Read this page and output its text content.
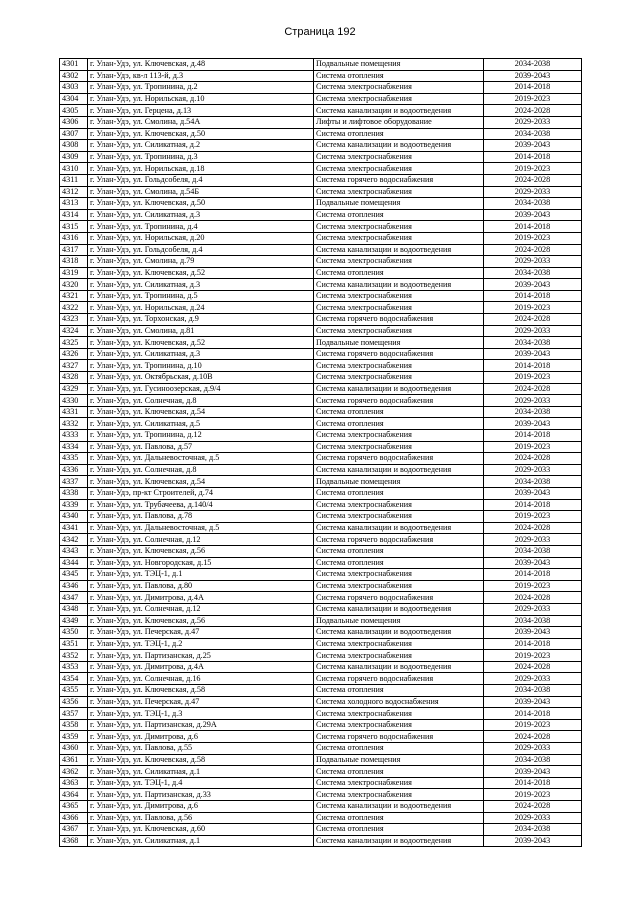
Страница 192
4301	г. Улан-Удэ, ул. Ключевская, д.48	Подвальные помещения	2034-2038
4302	г. Улан-Удэ, кв-л 113-й, д.3	Система отопления	2039-2043
4303	г. Улан-Удэ, ул. Тропинина, д.2	Система электроснабжения	2014-2018
4304	г. Улан-Удэ, ул. Норильская, д.10	Система электроснабжения	2019-2023
4305	г. Улан-Удэ, ул. Герцена, д.13	Система канализации и водоотведения	2024-2028
4306	г. Улан-Удэ, ул. Смолина, д.54А	Лифты и лифтовое оборудование	2029-2033
4307	г. Улан-Удэ, ул. Ключевская, д.50	Система отопления	2034-2038
4308	г. Улан-Удэ, ул. Силикатная, д.2	Система канализации и водоотведения	2039-2043
4309	г. Улан-Удэ, ул. Тропинина, д.3	Система электроснабжения	2014-2018
4310	г. Улан-Удэ, ул. Норильская, д.18	Система электроснабжения	2019-2023
4311	г. Улан-Удэ, ул. Гольдсобеля, д.4	Система горячего водоснабжения	2024-2028
4312	г. Улан-Удэ, ул. Смолина, д.54Б	Система электроснабжения	2029-2033
4313	г. Улан-Удэ, ул. Ключевская, д.50	Подвальные помещения	2034-2038
4314	г. Улан-Удэ, ул. Силикатная, д.3	Система отопления	2039-2043
4315	г. Улан-Удэ, ул. Тропинина, д.4	Система электроснабжения	2014-2018
4316	г. Улан-Удэ, ул. Норильская, д.20	Система электроснабжения	2019-2023
4317	г. Улан-Удэ, ул. Гольдсобеля, д.4	Система канализации и водоотведения	2024-2028
4318	г. Улан-Удэ, ул. Смолина, д.79	Система электроснабжения	2029-2033
4319	г. Улан-Удэ, ул. Ключевская, д.52	Система отопления	2034-2038
4320	г. Улан-Удэ, ул. Силикатная, д.3	Система канализации и водоотведения	2039-2043
4321	г. Улан-Удэ, ул. Тропинина, д.5	Система электроснабжения	2014-2018
4322	г. Улан-Удэ, ул. Норильская, д.24	Система электроснабжения	2019-2023
4323	г. Улан-Удэ, ул. Торхонская, д.9	Система горячего водоснабжения	2024-2028
4324	г. Улан-Удэ, ул. Смолина, д.81	Система электроснабжения	2029-2033
4325	г. Улан-Удэ, ул. Ключевская, д.52	Подвальные помещения	2034-2038
4326	г. Улан-Удэ, ул. Силикатная, д.3	Система горячего водоснабжения	2039-2043
4327	г. Улан-Удэ, ул. Тропинина, д.10	Система электроснабжения	2014-2018
4328	г. Улан-Удэ, ул. Октябрьская, д.10В	Система электроснабжения	2019-2023
4329	г. Улан-Удэ, ул. Гусиноозерская, д.9/4	Система канализации и водоотведения	2024-2028
4330	г. Улан-Удэ, ул. Солнечная, д.8	Система горячего водоснабжения	2029-2033
4331	г. Улан-Удэ, ул. Ключевская, д.54	Система отопления	2034-2038
4332	г. Улан-Удэ, ул. Силикатная, д.5	Система отопления	2039-2043
4333	г. Улан-Удэ, ул. Тропинина, д.12	Система электроснабжения	2014-2018
4334	г. Улан-Удэ, ул. Павлова, д.57	Система электроснабжения	2019-2023
4335	г. Улан-Удэ, ул. Дальневосточная, д.5	Система горячего водоснабжения	2024-2028
4336	г. Улан-Удэ, ул. Солнечная, д.8	Система канализации и водоотведения	2029-2033
4337	г. Улан-Удэ, ул. Ключевская, д.54	Подвальные помещения	2034-2038
4338	г. Улан-Удэ, пр-кт Строителей, д.74	Система отопления	2039-2043
4339	г. Улан-Удэ, ул. Трубачеева, д.140/4	Система электроснабжения	2014-2018
4340	г. Улан-Удэ, ул. Павлова, д.78	Система электроснабжения	2019-2023
4341	г. Улан-Удэ, ул. Дальневосточная, д.5	Система канализации и водоотведения	2024-2028
4342	г. Улан-Удэ, ул. Солнечная, д.12	Система горячего водоснабжения	2029-2033
4343	г. Улан-Удэ, ул. Ключевская, д.56	Система отопления	2034-2038
4344	г. Улан-Удэ, ул. Новгородская, д.15	Система отопления	2039-2043
4345	г. Улан-Удэ, ул. ТЭЦ-1, д.1	Система электроснабжения	2014-2018
4346	г. Улан-Удэ, ул. Павлова, д.80	Система электроснабжения	2019-2023
4347	г. Улан-Удэ, ул. Димитрова, д.4А	Система горячего водоснабжения	2024-2028
4348	г. Улан-Удэ, ул. Солнечная, д.12	Система канализации и водоотведения	2029-2033
4349	г. Улан-Удэ, ул. Ключевская, д.56	Подвальные помещения	2034-2038
4350	г. Улан-Удэ, ул. Печерская, д.47	Система канализации и водоотведения	2039-2043
4351	г. Улан-Удэ, ул. ТЭЦ-1, д.2	Система электроснабжения	2014-2018
4352	г. Улан-Удэ, ул. Партизанская, д.25	Система электроснабжения	2019-2023
4353	г. Улан-Удэ, ул. Димитрова, д.4А	Система канализации и водоотведения	2024-2028
4354	г. Улан-Удэ, ул. Солнечная, д.16	Система горячего водоснабжения	2029-2033
4355	г. Улан-Удэ, ул. Ключевская, д.58	Система отопления	2034-2038
4356	г. Улан-Удэ, ул. Печерская, д.47	Система холодного водоснабжения	2039-2043
4357	г. Улан-Удэ, ул. ТЭЦ-1, д.3	Система электроснабжения	2014-2018
4358	г. Улан-Удэ, ул. Партизанская, д.29А	Система электроснабжения	2019-2023
4359	г. Улан-Удэ, ул. Димитрова, д.6	Система горячего водоснабжения	2024-2028
4360	г. Улан-Удэ, ул. Павлова, д.55	Система отопления	2029-2033
4361	г. Улан-Удэ, ул. Ключевская, д.58	Подвальные помещения	2034-2038
4362	г. Улан-Удэ, ул. Силикатная, д.1	Система отопления	2039-2043
4363	г. Улан-Удэ, ул. ТЭЦ-1, д.4	Система электроснабжения	2014-2018
4364	г. Улан-Удэ, ул. Партизанская, д.33	Система электроснабжения	2019-2023
4365	г. Улан-Удэ, ул. Димитрова, д.6	Система канализации и водоотведения	2024-2028
4366	г. Улан-Удэ, ул. Павлова, д.56	Система отопления	2029-2033
4367	г. Улан-Удэ, ул. Ключевская, д.60	Система отопления	2034-2038
4368	г. Улан-Удэ, ул. Силикатная, д.1	Система канализации и водоотведения	2039-2043
